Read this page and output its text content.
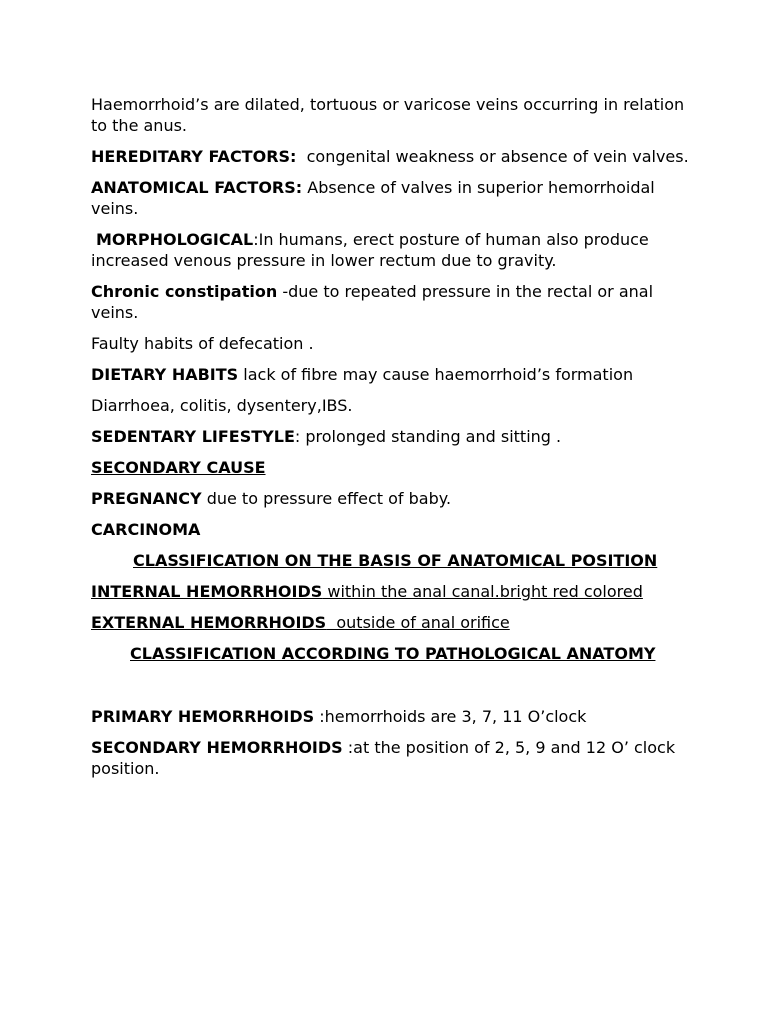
Haemorrhoid’s are dilated, tortuous or varicose veins occurring in relation to the anus.

HEREDITARY FACTORS:  congenital weakness or absence of vein valves.

ANATOMICAL FACTORS: Absence of valves in superior hemorrhoidal veins.

MORPHOLOGICAL:In humans, erect posture of human also produce increased venous pressure in lower rectum due to gravity.

Chronic constipation -due to repeated pressure in the rectal or anal veins.

Faulty habits of defecation .

DIETARY HABITS lack of fibre may cause haemorrhoid’s formation

Diarrhoea, colitis, dysentery,IBS.

SEDENTARY LIFESTYLE: prolonged standing and sitting .

SECONDARY CAUSE

PREGNANCY due to pressure effect of baby.

CARCINOMA

CLASSIFICATION ON THE BASIS OF ANATOMICAL POSITION

INTERNAL HEMORRHOIDS within the anal canal.bright red colored

EXTERNAL HEMORRHOIDS  outside of anal orifice

CLASSIFICATION ACCORDING TO PATHOLOGICAL ANATOMY

PRIMARY HEMORRHOIDS :hemorrhoids are 3, 7, 11 O’clock

SECONDARY HEMORRHOIDS :at the position of 2, 5, 9 and 12 O’ clock position.
